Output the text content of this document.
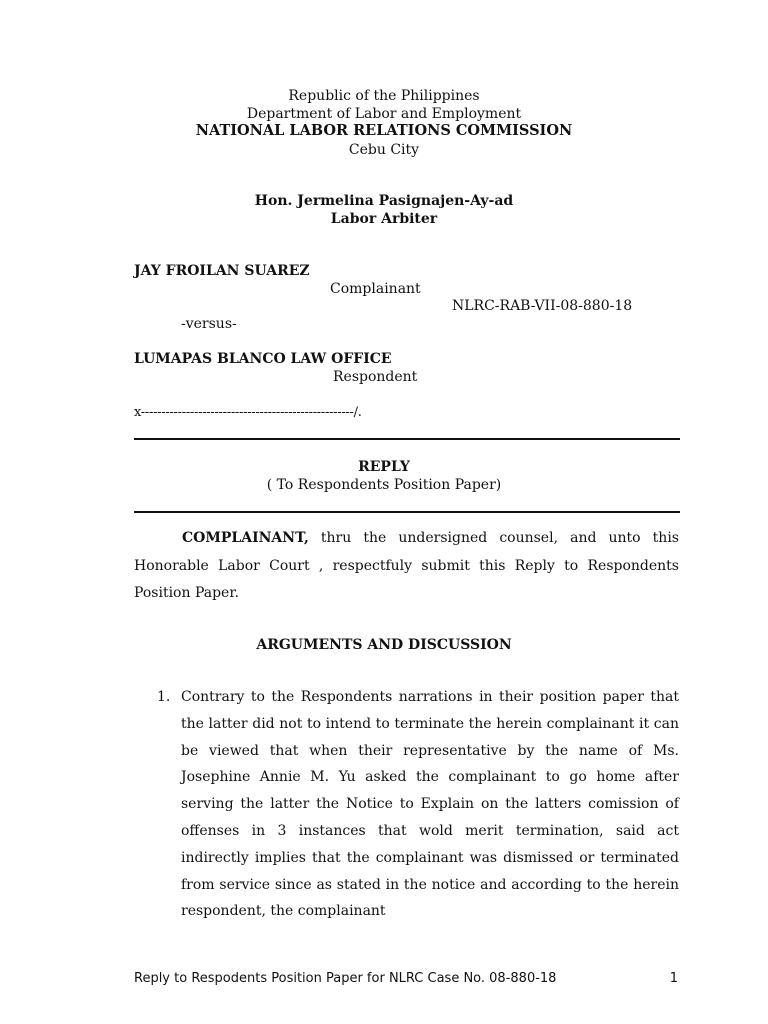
Republic of the Philippines
Department of Labor and Employment
NATIONAL LABOR RELATIONS COMMISSION
Cebu City
Hon. Jermelina Pasignajen-Ay-ad
Labor Arbiter
JAY FROILAN SUAREZ
Complainant
NLRC-RAB-VII-08-880-18
-versus-
LUMAPAS BLANCO LAW OFFICE
Respondent
x----------------------------------------------------/.
REPLY
( To Respondents Position Paper)
COMPLAINANT, thru the undersigned counsel, and unto this Honorable Labor Court , respectfuly submit this Reply to Respondents Position Paper.
ARGUMENTS AND DISCUSSION
1. Contrary to the Respondents narrations in their position paper that the latter did not to intend to terminate the herein complainant it can be viewed that when their representative by the name of Ms. Josephine Annie M. Yu asked the complainant to go home after serving the latter the Notice to Explain on the latters comission of offenses in 3 instances that wold merit termination, said act indirectly implies that the complainant was dismissed or terminated from service since as stated in the notice and according to the herein respondent, the complainant
Reply to Respodents Position Paper for NLRC Case No. 08-880-18	1
